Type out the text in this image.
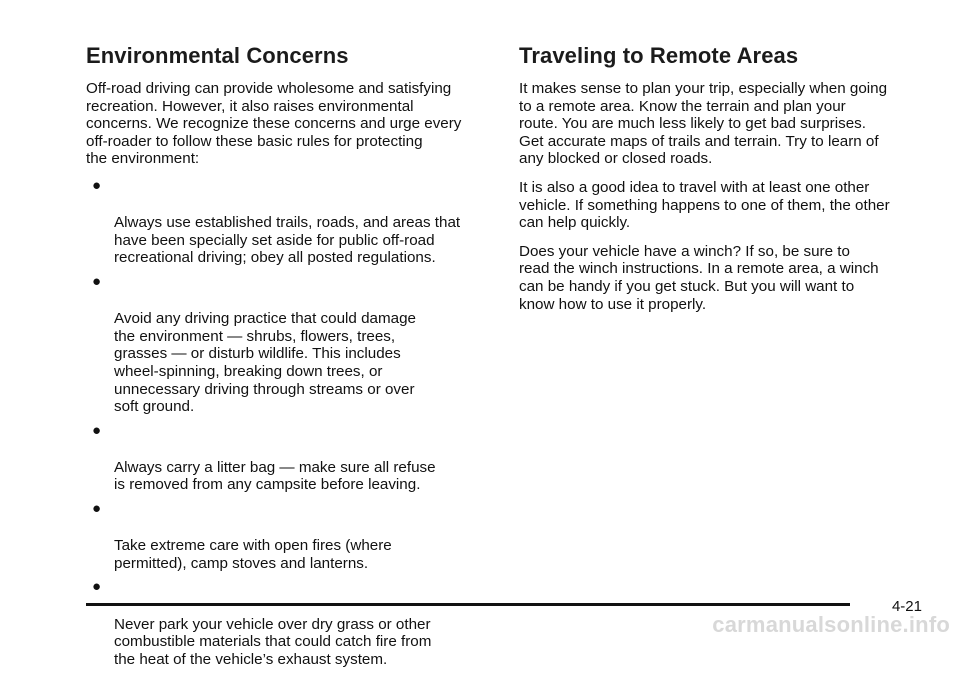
Environmental Concerns

Off-road driving can provide wholesome and satisfying
recreation. However, it also raises environmental
concerns. We recognize these concerns and urge every
off-roader to follow these basic rules for protecting
the environment:

●

Always use established trails, roads, and areas that
have been specially set aside for public off-road
recreational driving; obey all posted regulations.

●

Avoid any driving practice that could damage
the environment — shrubs, flowers, trees,
grasses — or disturb wildlife. This includes
wheel-spinning, breaking down trees, or
unnecessary driving through streams or over
soft ground.

●

Always carry a litter bag — make sure all refuse
is removed from any campsite before leaving.

●

Take extreme care with open fires (where
permitted), camp stoves and lanterns.

●

Never park your vehicle over dry grass or other
combustible materials that could catch fire from
the heat of the vehicle’s exhaust system.

Traveling to Remote Areas

It makes sense to plan your trip, especially when going
to a remote area. Know the terrain and plan your
route. You are much less likely to get bad surprises.
Get accurate maps of trails and terrain. Try to learn of
any blocked or closed roads.

It is also a good idea to travel with at least one other
vehicle. If something happens to one of them, the other
can help quickly.

Does your vehicle have a winch? If so, be sure to
read the winch instructions. In a remote area, a winch
can be handy if you get stuck. But you will want to
know how to use it properly.

4-21
carmanualsonline.info
